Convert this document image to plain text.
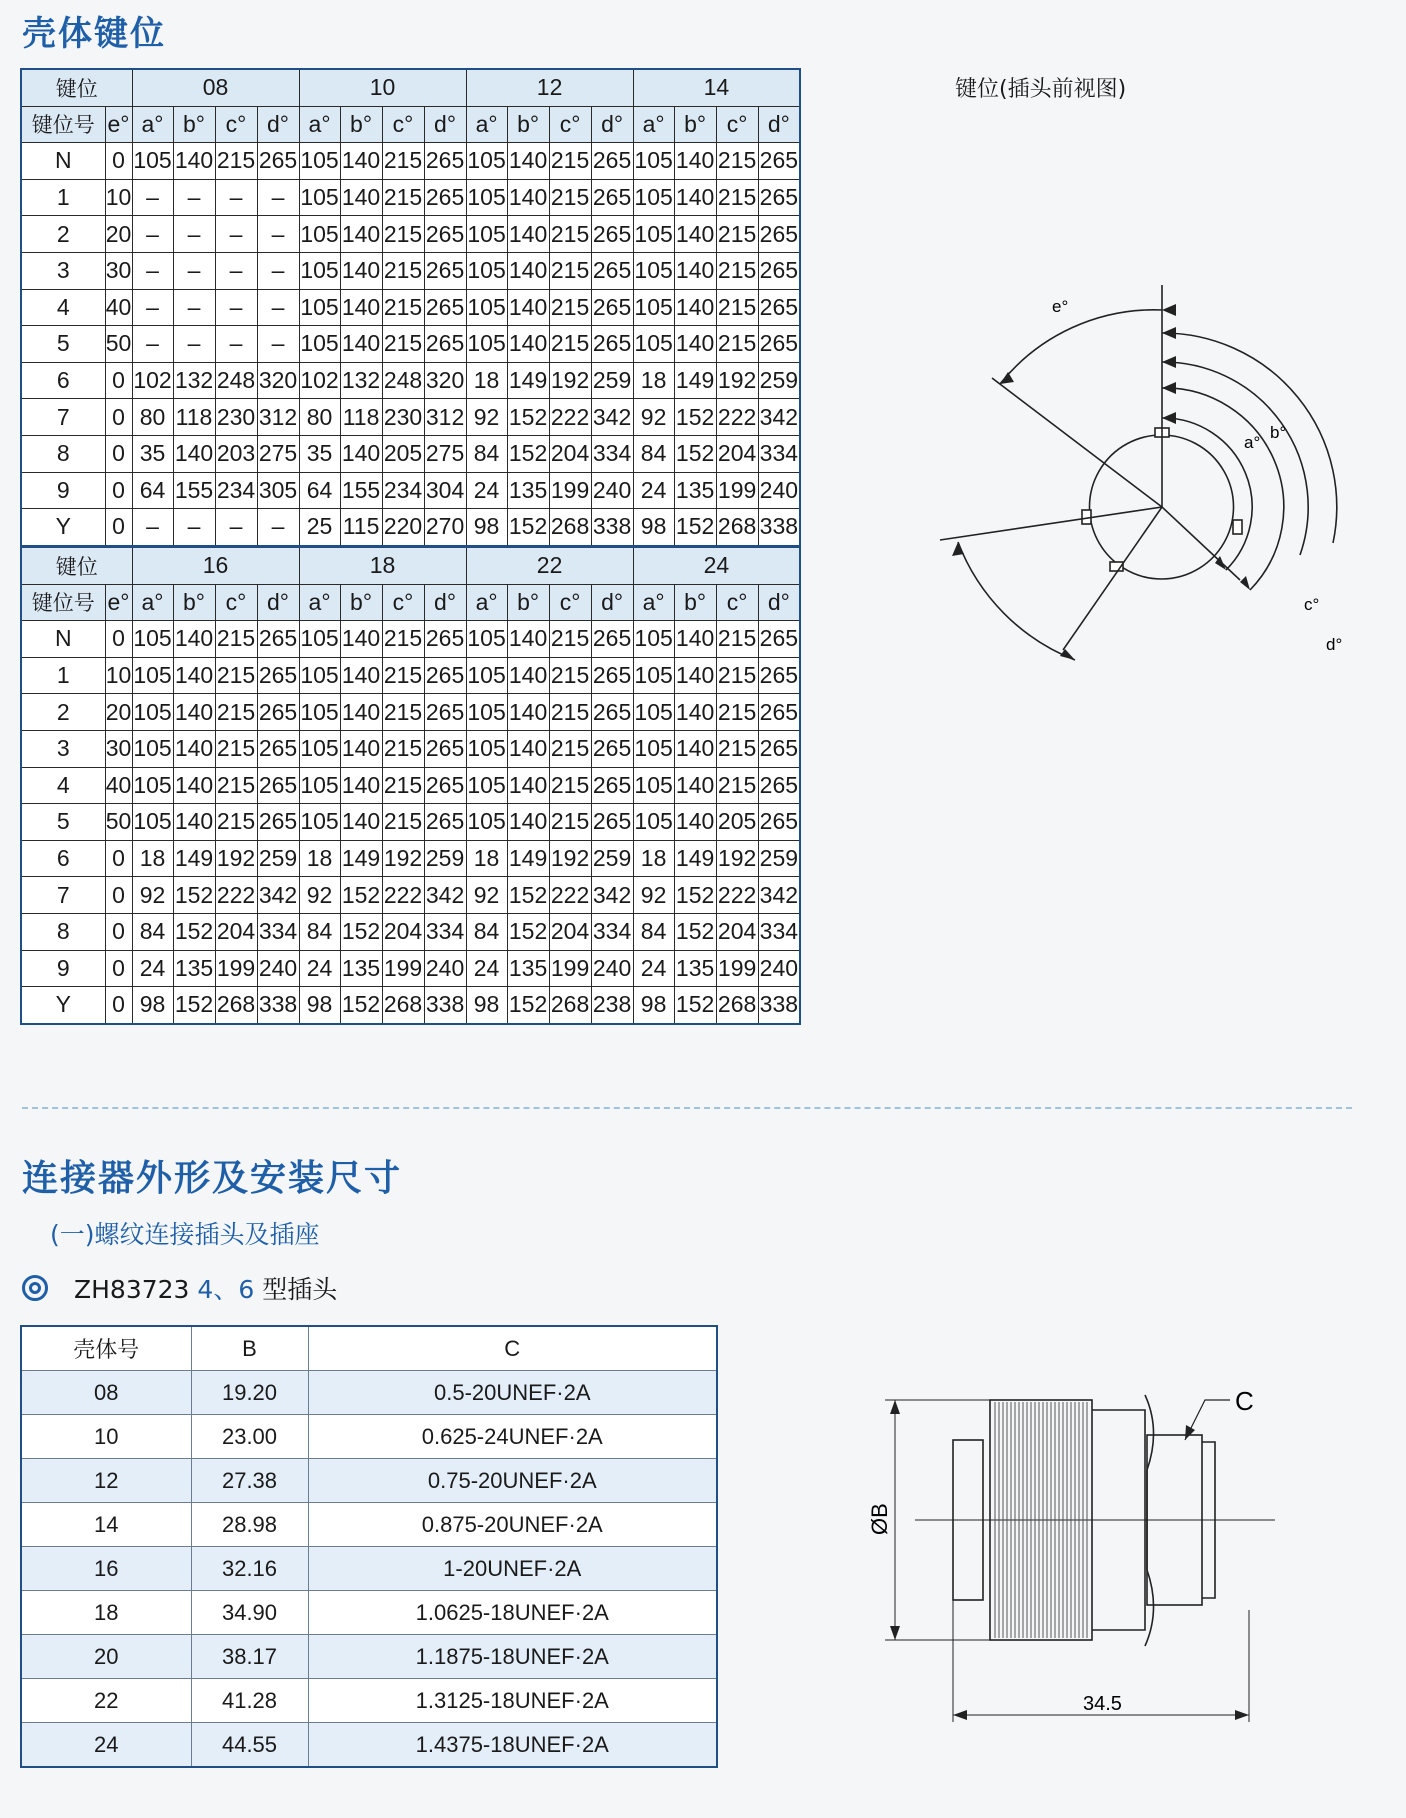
壳体键位
键位(插头前视图)
键位		08				10				12				14			
键位号	e°	a°	b°	c°	d°	a°	b°	c°	d°	a°	b°	c°	d°	a°	b°	c°	d°
N	0	105	140	215	265	105	140	215	265	105	140	215	265	105	140	215	265
1	10	–	–	–	–	105	140	215	265	105	140	215	265	105	140	215	265
2	20	–	–	–	–	105	140	215	265	105	140	215	265	105	140	215	265
3	30	–	–	–	–	105	140	215	265	105	140	215	265	105	140	215	265
4	40	–	–	–	–	105	140	215	265	105	140	215	265	105	140	215	265
5	50	–	–	–	–	105	140	215	265	105	140	215	265	105	140	215	265
6	0	102	132	248	320	102	132	248	320	18	149	192	259	18	149	192	259
7	0	80	118	230	312	80	118	230	312	92	152	222	342	92	152	222	342
8	0	35	140	203	275	35	140	205	275	84	152	204	334	84	152	204	334
9	0	64	155	234	305	64	155	234	304	24	135	199	240	24	135	199	240
Y	0	–	–	–	–	25	115	220	270	98	152	268	338	98	152	268	338
键位		16				18				22				24			
键位号	e°	a°	b°	c°	d°	a°	b°	c°	d°	a°	b°	c°	d°	a°	b°	c°	d°
N	0	105	140	215	265	105	140	215	265	105	140	215	265	105	140	215	265
1	10	105	140	215	265	105	140	215	265	105	140	215	265	105	140	215	265
2	20	105	140	215	265	105	140	215	265	105	140	215	265	105	140	215	265
3	30	105	140	215	265	105	140	215	265	105	140	215	265	105	140	215	265
4	40	105	140	215	265	105	140	215	265	105	140	215	265	105	140	215	265
5	50	105	140	215	265	105	140	215	265	105	140	215	265	105	140	205	265
6	0	18	149	192	259	18	149	192	259	18	149	192	259	18	149	192	259
7	0	92	152	222	342	92	152	222	342	92	152	222	342	92	152	222	342
8	0	84	152	204	334	84	152	204	334	84	152	204	334	84	152	204	334
9	0	24	135	199	240	24	135	199	240	24	135	199	240	24	135	199	240
Y	0	98	152	268	338	98	152	268	338	98	152	268	238	98	152	268	338
e°
a°
b°
c°
d°
连接器外形及安装尺寸
(一)螺纹连接插头及插座
ZH83723 4、6 型插头
壳体号	B	C
08	19.20	0.5-20UNEF·2A
10	23.00	0.625-24UNEF·2A
12	27.38	0.75-20UNEF·2A
14	28.98	0.875-20UNEF·2A
16	32.16	1-20UNEF·2A
18	34.90	1.0625-18UNEF·2A
20	38.17	1.1875-18UNEF·2A
22	41.28	1.3125-18UNEF·2A
24	44.55	1.4375-18UNEF·2A
C
ØB
34.5
